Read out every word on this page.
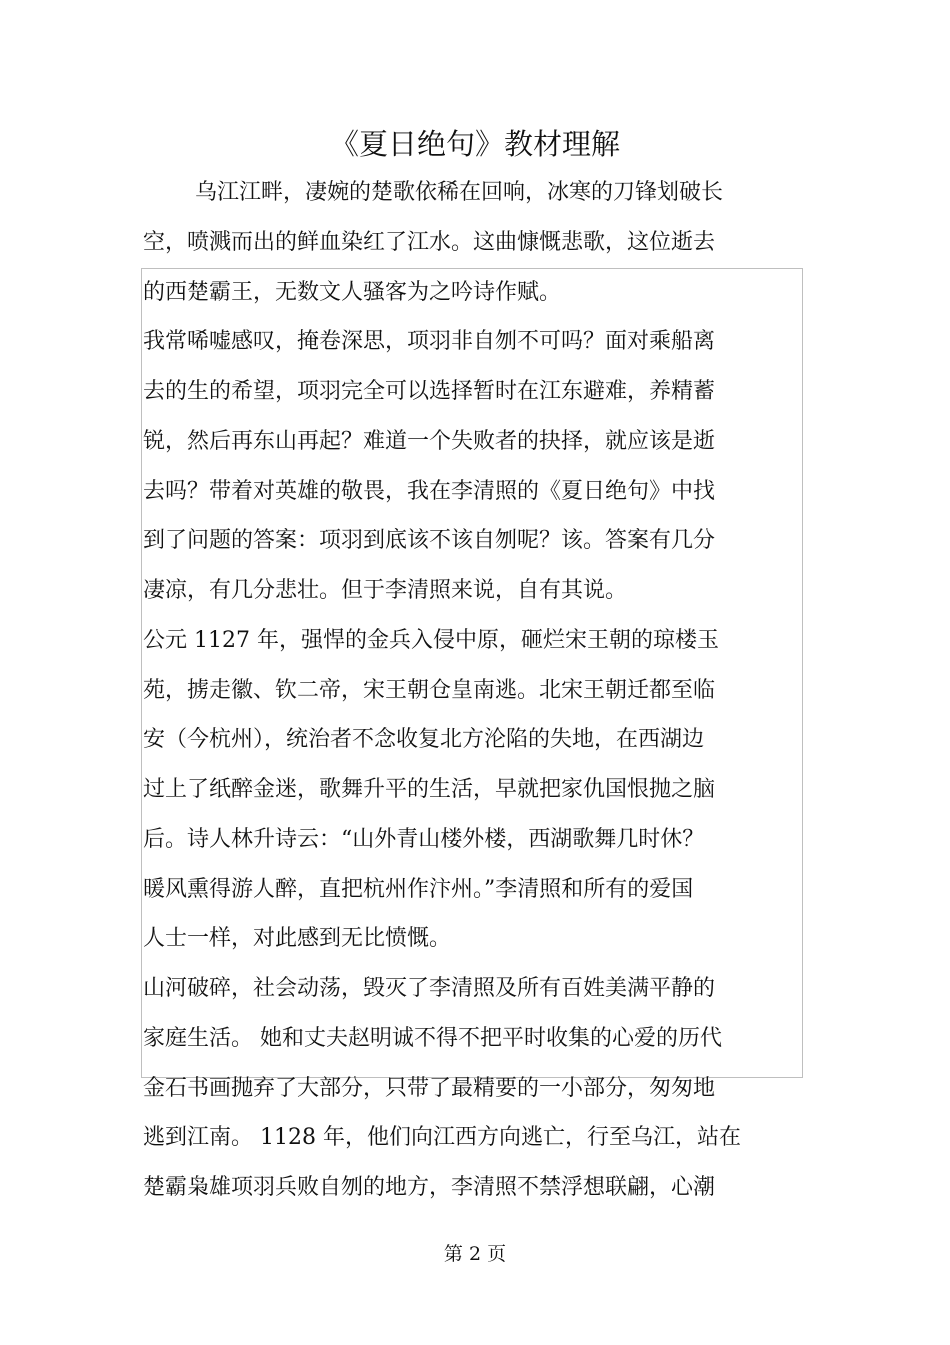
《夏日绝句》教材理解

乌江江畔，凄婉的楚歌依稀在回响，冰寒的刀锋划破长

空，喷溅而出的鲜血染红了江水。这曲慷慨悲歌，这位逝去

的西楚霸王，无数文人骚客为之吟诗作赋。

我常唏嘘感叹，掩卷深思，项羽非自刎不可吗？面对乘船离

去的生的希望，项羽完全可以选择暂时在江东避难，养精蓄

锐，然后再东山再起？难道一个失败者的抉择，就应该是逝

去吗？带着对英雄的敬畏，我在李清照的《夏日绝句》中找

到了问题的答案：项羽到底该不该自刎呢？该。答案有几分

凄凉，有几分悲壮。但于李清照来说，自有其说。

公元 1127 年，强悍的金兵入侵中原，砸烂宋王朝的琼楼玉

苑，掳走徽、钦二帝，宋王朝仓皇南逃。北宋王朝迁都至临

安（今杭州），统治者不念收复北方沦陷的失地，在西湖边

过上了纸醉金迷，歌舞升平的生活，早就把家仇国恨抛之脑

后。诗人林升诗云：“山外青山楼外楼，西湖歌舞几时休？

暖风熏得游人醉，直把杭州作汴州。”李清照和所有的爱国

人士一样，对此感到无比愤慨。

山河破碎，社会动荡，毁灭了李清照及所有百姓美满平静的

家庭生活。 她和丈夫赵明诚不得不把平时收集的心爱的历代

金石书画抛弃了大部分，只带了最精要的一小部分，匆匆地

逃到江南。 1128 年，他们向江西方向逃亡，行至乌江，站在

楚霸枭雄项羽兵败自刎的地方，李清照不禁浮想联翩，心潮

第 2 页
